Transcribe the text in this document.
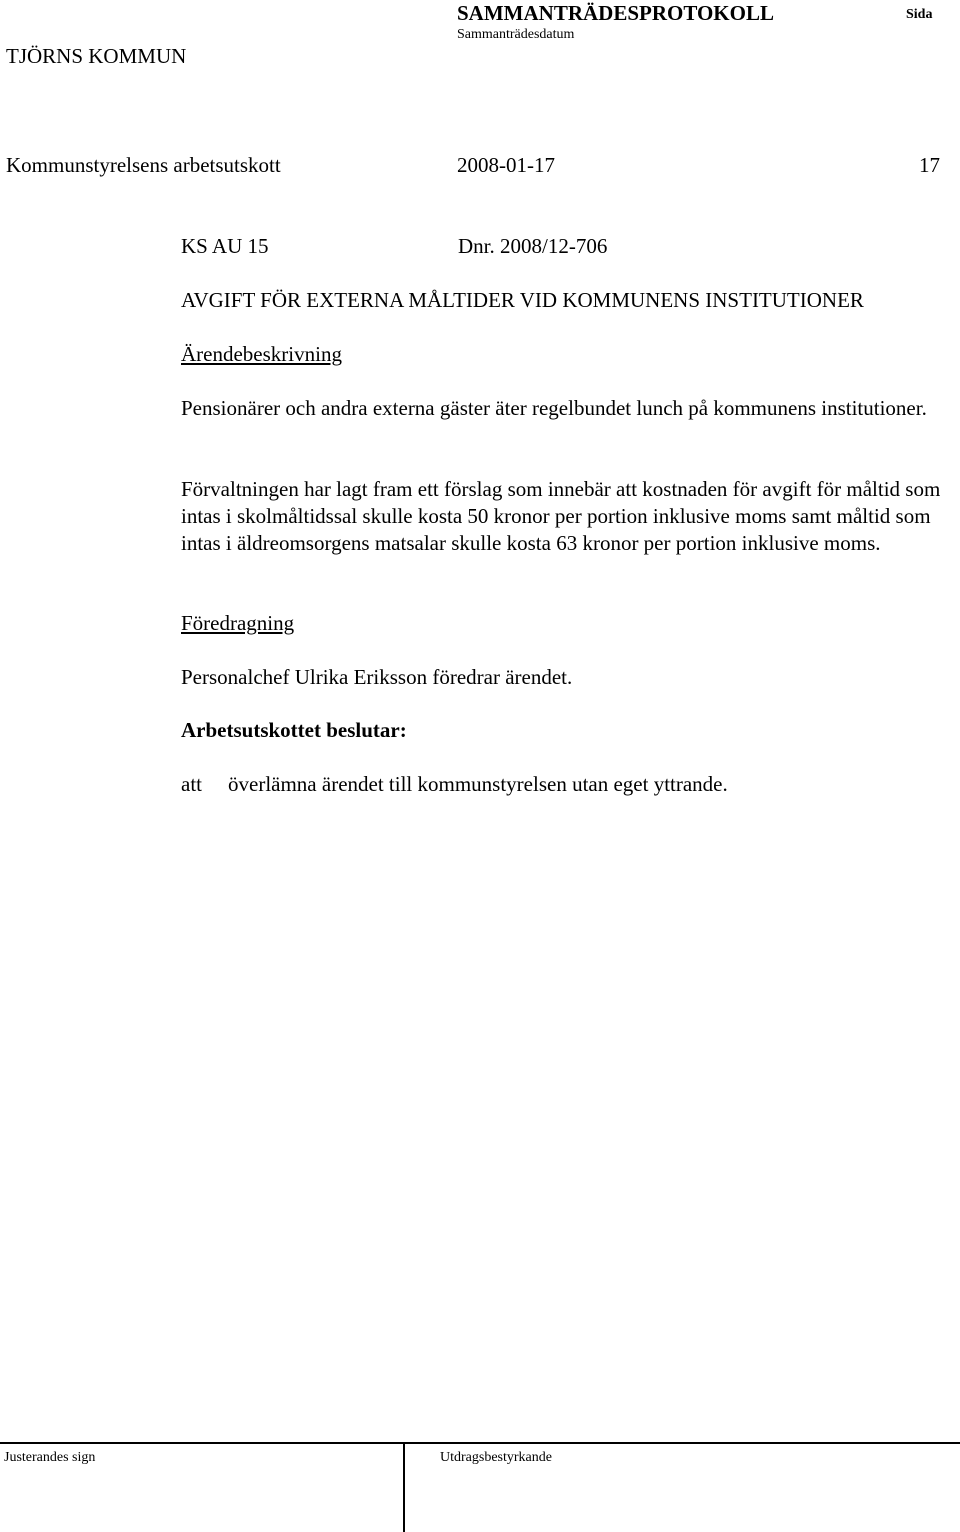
TJÖRNS KOMMUN
SAMMANTRÄDESPROTOKOLL
Sammanträdesdatum
Sida
Kommunstyrelsens arbetsutskott	2008-01-17	17
KS AU 15	Dnr. 2008/12-706
AVGIFT FÖR EXTERNA MÅLTIDER VID KOMMUNENS INSTITUTIONER
Ärendebeskrivning
Pensionärer och andra externa gäster äter regelbundet lunch på kommunens institutioner.
Förvaltningen har lagt fram ett förslag som innebär att kostnaden för avgift för måltid som intas i skolmåltidssal skulle kosta 50 kronor per portion inklusive moms samt måltid som intas i äldreomsorgens matsalar skulle kosta 63 kronor per portion inklusive moms.
Föredragning
Personalchef Ulrika Eriksson föredrar ärendet.
Arbetsutskottet beslutar:
att överlämna ärendet till kommunstyrelsen utan eget yttrande.
Justerandes sign	Utdragsbestyrkande
